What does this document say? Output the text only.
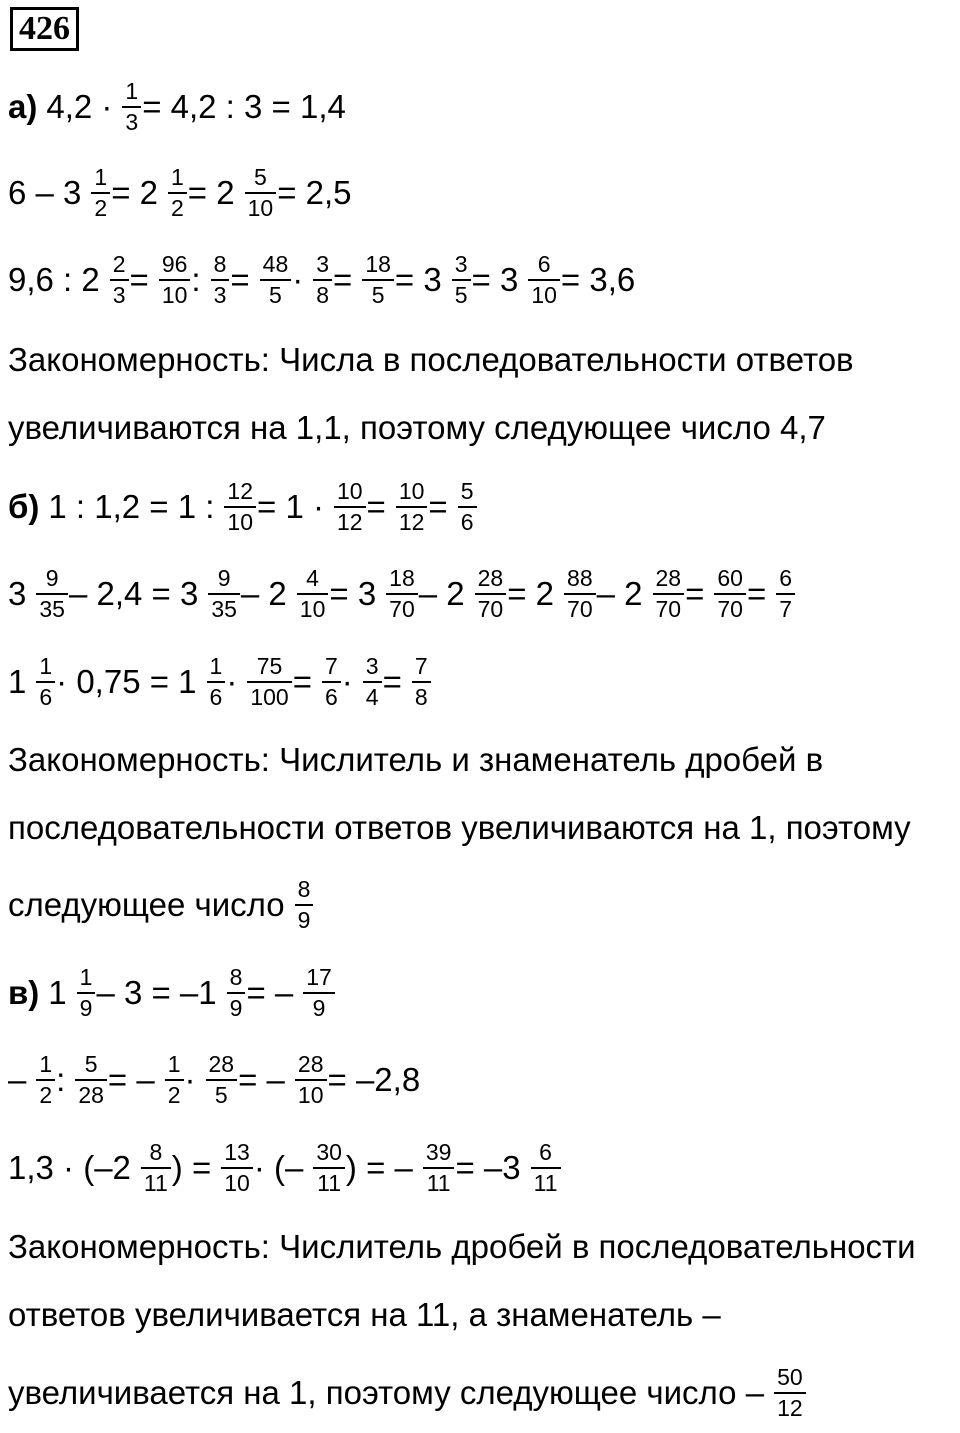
426
а) $4,2 \cdot \frac{1}{3} = 4,2$ : 3 = 1,4
$6 - 3 \frac{1}{2} = 2 \frac{1}{2} = 2 \frac{5}{10} = 2,5$
9,6 : $2 \frac{2}{3} = \frac{96}{10}$ : $\frac{8}{3} = \frac{48}{5} \cdot \frac{3}{8} = \frac{18}{5} = 3 \frac{3}{5} = 3 \frac{6}{10} = 3,6$
б) 1 : 1,2 = 1 : $\frac{12}{10} = 1 \cdot \frac{10}{12} = \frac{10}{12} = \frac{5}{6}$
$3 \frac{9}{35} - 2,4 = 3 \frac{9}{35} - 2 \frac{4}{10} = 3 \frac{18}{70} - 2 \frac{28}{70} = 2 \frac{88}{70} - 2 \frac{28}{70} = \frac{60}{70} = \frac{6}{7}$
$1 \frac{1}{6} \cdot 0,75 = 1 \frac{1}{6} \cdot \frac{75}{100} = \frac{7}{6} \cdot \frac{3}{4} = \frac{7}{8}$
следующее число $\frac{8}{9}$
в) $1 \frac{1}{9} - 3 = -1 \frac{8}{9}$ = – $\frac{17}{9}$
– $\frac{1}{2}$ : $\frac{5}{28}$ = – $\frac{1}{2} \cdot \frac{28}{5}$ = – $\frac{28}{10} = -2,8$
$1,3 \cdot (-2 \frac{8}{11}$ ) = $\frac{13}{10}$ · (– $\frac{30}{11}$ ) = – $\frac{39}{11} = -3 \frac{6}{11}$
увеличивается на 1, поэтому следующее число – $\frac{50}{12}$
Закономерность: Числа в последовательности ответов
увеличиваются на 1,1, поэтому следующее число 4,7
Закономерность: Числитель и знаменатель дробей в
последовательности ответов увеличиваются на 1, поэтому
Закономерность: Числитель дробей в последовательности
ответов увеличивается на 11, а знаменатель –
